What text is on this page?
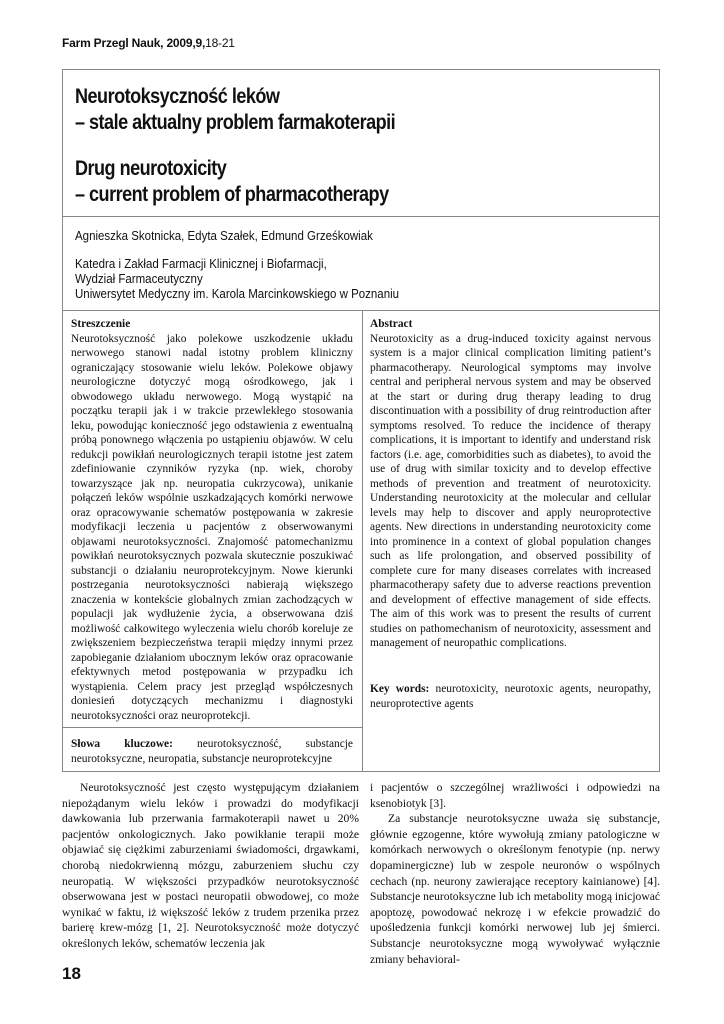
Farm Przegl Nauk, 2009,9,18-21
Neurotoksyczność leków
– stale aktualny problem farmakoterapii
Drug neurotoxicity
– current problem of pharmacotherapy

Agnieszka Skotnicka, Edyta Szałek, Edmund Grześkowiak

Katedra i Zakład Farmacji Klinicznej i Biofarmacji,

Wydział Farmaceutyczny

Uniwersytet Medyczny im. Karola Marcinkowskiego w Poznaniu

Streszczenie
Neurotoksyczność jako polekowe uszkodzenie układu nerwowego stanowi nadal istotny problem kliniczny ograniczający stosowanie wielu leków. Polekowe objawy neurologiczne dotyczyć mogą ośrodkowego, jak i obwodowego układu nerwowego. Mogą wystąpić na początku terapii jak i w trakcie przewlekłego stosowania leku, powodując konieczność jego odstawienia z ewentualną próbą ponownego włączenia po ustąpieniu objawów. W celu redukcji powikłań neurologicznych terapii istotne jest zatem zdefiniowanie czynników ryzyka (np. wiek, choroby towarzyszące jak np. neuropatia cukrzycowa), unikanie połączeń leków wspólnie uszkadzających komórki nerwowe oraz opracowywanie schematów postępowania w zakresie modyfikacji leczenia u pacjentów z obserwowanymi objawami neurotoksyczności. Znajomość patomechanizmu powikłań neurotoksycznych pozwala skutecznie poszukiwać substancji o działaniu neuroprotekcyjnym. Nowe kierunki postrzegania neurotoksyczności nabierają większego znaczenia w kontekście globalnych zmian zachodzących w populacji jak wydłużenie życia, a obserwowana dziś możliwość całkowitego wyleczenia wielu chorób koreluje ze zwiększeniem bezpieczeństwa terapii między innymi przez zapobieganie działaniom ubocznym leków oraz opracowanie efektywnych metod postępowania w przypadku ich wystąpienia. Celem pracy jest przegląd współczesnych doniesień dotyczących mechanizmu i diagnostyki neurotoksyczności oraz neuroprotekcji.
Słowa kluczowe: neurotoksyczność, substancje neurotoksyczne, neuropatia, substancje neuroprotekcyjne
Abstract
Neurotoxicity as a drug-induced toxicity against nervous system is a major clinical complication limiting patient’s pharmacotherapy. Neurological symptoms may involve central and peripheral nervous system and may be observed at the start or during drug therapy leading to drug discontinuation with a possibility of drug reintroduction after symptoms resolved. To reduce the incidence of therapy complications, it is important to identify and understand risk factors (i.e. age, comorbidities such as diabetes), to avoid the use of drug with similar toxicity and to develop effective methods of prevention and treatment of neurotoxicity. Understanding neurotoxicity at the molecular and cellular levels may help to discover and apply neuroprotective agents. New directions in understanding neurotoxicity come into prominence in a context of global population changes such as life prolongation, and observed possibility of complete cure for many diseases correlates with increased pharmacotherapy safety due to adverse reactions prevention and development of effective management of side effects. The aim of this work was to present the results of current studies on pathomechanism of neurotoxicity, assessment and management of neuropathic complications.
Key words: neurotoxicity, neurotoxic agents, neuropathy, neuroprotective agents

Neurotoksyczność jest często występującym działaniem niepożądanym wielu leków i prowadzi do modyfikacji dawkowania lub przerwania farmakoterapii nawet u 20% pacjentów onkologicznych. Jako powikłanie terapii może objawiać się ciężkimi zaburzeniami świadomości, drgawkami, chorobą niedokrwienną mózgu, zaburzeniem słuchu czy neuropatią. W większości przypadków neurotoksyczność obserwowana jest w postaci neuropatii obwodowej, co może wynikać w faktu, iż większość leków z trudem przenika przez barierę krew-mózg [1, 2]. Neurotoksyczność może dotyczyć określonych leków, schematów leczenia jak

i pacjentów o szczególnej wrażliwości i odpowiedzi na ksenobiotyk [3].

Za substancje neurotoksyczne uważa się substancje, głównie egzogenne, które wywołują zmiany patologiczne w komórkach nerwowych o określonym fenotypie (np. nerwy dopaminergiczne) lub w zespole neuronów o wspólnych cechach (np. neurony zawierające receptory kainianowe) [4]. Substancje neurotoksyczne lub ich metabolity mogą inicjować apoptozę, powodować nekrozę i w efekcie prowadzić do upośledzenia funkcji komórki nerwowej lub jej śmierci. Substancje neurotoksyczne mogą wywoływać wyłącznie zmiany behavioral-

18
